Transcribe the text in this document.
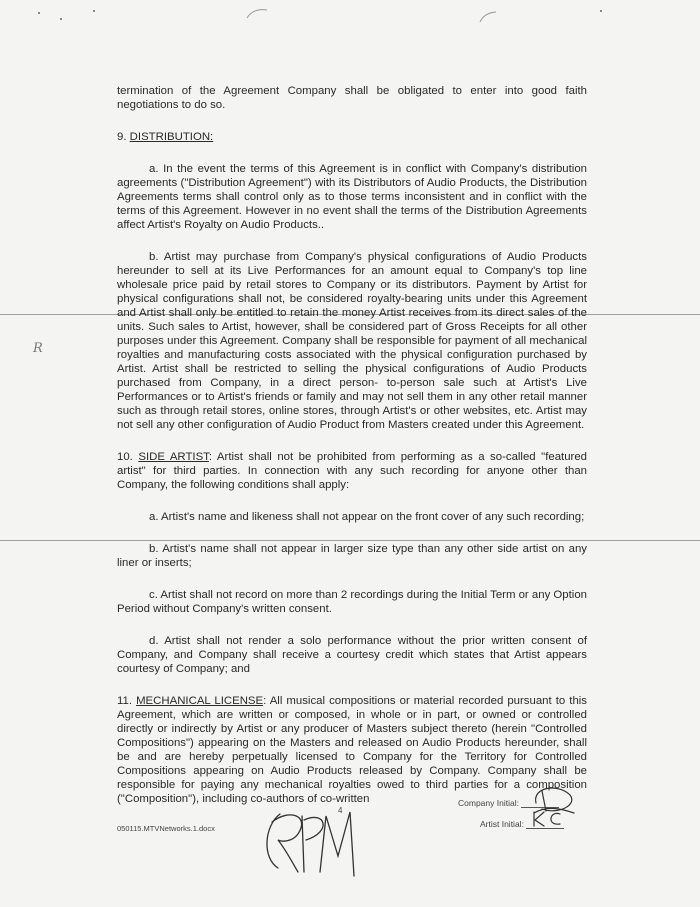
R

termination of the Agreement Company shall be obligated to enter into good faith negotiations to do so.

9. DISTRIBUTION:

a. In the event the terms of this Agreement is in conflict with Company's distribution agreements ("Distribution Agreement") with its Distributors of Audio Products, the Distribution Agreements terms shall control only as to those terms inconsistent and in conflict with the terms of this Agreement. However in no event shall the terms of the Distribution Agreements affect Artist's Royalty on Audio Products..

b. Artist may purchase from Company's physical configurations of Audio Products hereunder to sell at its Live Performances for an amount equal to Company's top line wholesale price paid by retail stores to Company or its distributors. Payment by Artist for physical configurations shall not, be considered royalty-bearing units under this Agreement and Artist shall only be entitled to retain the money Artist receives from its direct sales of the units. Such sales to Artist, however, shall be considered part of Gross Receipts for all other purposes under this Agreement. Company shall be responsible for payment of all mechanical royalties and manufacturing costs associated with the physical configuration purchased by Artist. Artist shall be restricted to selling the physical configurations of Audio Products purchased from Company, in a direct person- to-person sale such at Artist's Live Performances or to Artist's friends or family and may not sell them in any other retail manner such as through retail stores, online stores, through Artist's or other websites, etc. Artist may not sell any other configuration of Audio Product from Masters created under this Agreement.

10. SIDE ARTIST: Artist shall not be prohibited from performing as a so-called "featured artist" for third parties. In connection with any such recording for anyone other than Company, the following conditions shall apply:

a. Artist's name and likeness shall not appear on the front cover of any such recording;

b. Artist's name shall not appear in larger size type than any other side artist on any liner or inserts;

c. Artist shall not record on more than 2 recordings during the Initial Term or any Option Period without Company's written consent.

d. Artist shall not render a solo performance without the prior written consent of Company, and Company shall receive a courtesy credit which states that Artist appears courtesy of Company; and

11. MECHANICAL LICENSE: All musical compositions or material recorded pursuant to this Agreement, which are written or composed, in whole or in part, or owned or controlled directly or indirectly by Artist or any producer of Masters subject thereto (herein "Controlled Compositions") appearing on the Masters and released on Audio Products hereunder, shall be and are hereby perpetually licensed to Company for the Territory for Controlled Compositions appearing on Audio Products released by Company. Company shall be responsible for paying any mechanical royalties owed to third parties for a composition ("Composition"), including co-authors of co-written

4
050115.MTVNetworks.1.docx
Company Initial:
Artist Initial:
